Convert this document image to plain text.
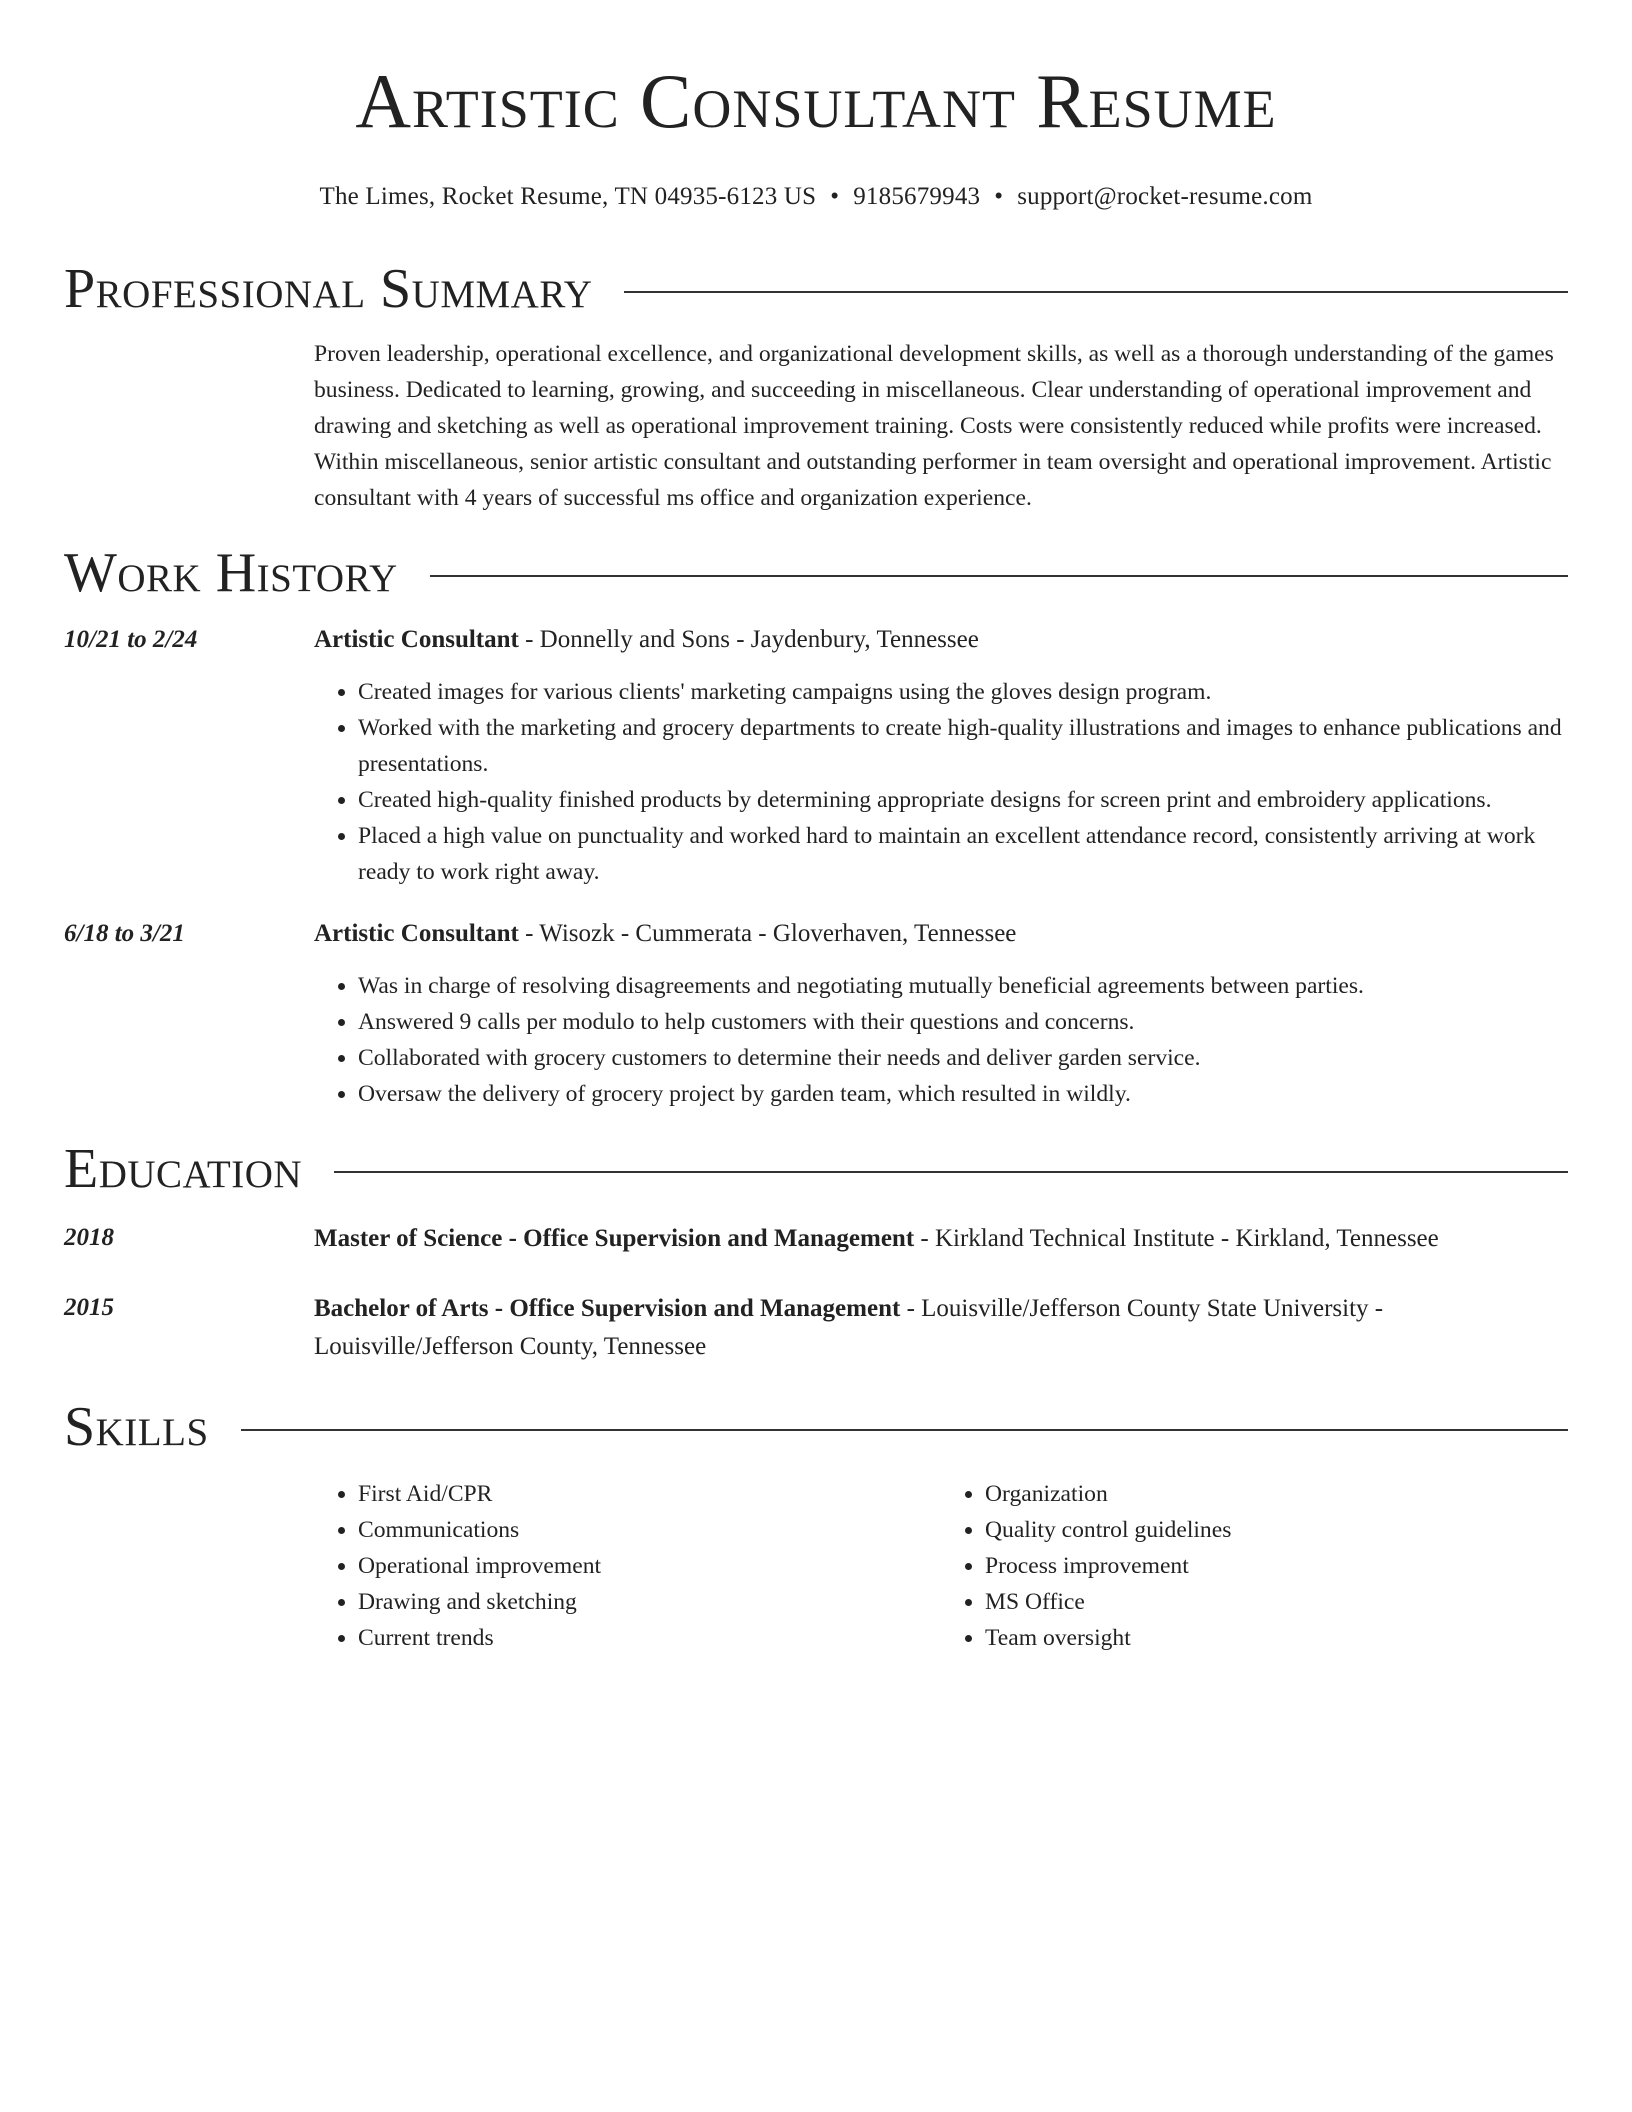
Artistic Consultant Resume
The Limes, Rocket Resume, TN 04935-6123 US • 9185679943 • support@rocket-resume.com
Professional Summary
Proven leadership, operational excellence, and organizational development skills, as well as a thorough understanding of the games business. Dedicated to learning, growing, and succeeding in miscellaneous. Clear understanding of operational improvement and drawing and sketching as well as operational improvement training. Costs were consistently reduced while profits were increased. Within miscellaneous, senior artistic consultant and outstanding performer in team oversight and operational improvement. Artistic consultant with 4 years of successful ms office and organization experience.
Work History
10/21 to 2/24	Artistic Consultant - Donnelly and Sons - Jaydenbury, Tennessee
• Created images for various clients' marketing campaigns using the gloves design program.
• Worked with the marketing and grocery departments to create high-quality illustrations and images to enhance publications and presentations.
• Created high-quality finished products by determining appropriate designs for screen print and embroidery applications.
• Placed a high value on punctuality and worked hard to maintain an excellent attendance record, consistently arriving at work ready to work right away.
6/18 to 3/21	Artistic Consultant - Wisozk - Cummerata - Gloverhaven, Tennessee
• Was in charge of resolving disagreements and negotiating mutually beneficial agreements between parties.
• Answered 9 calls per modulo to help customers with their questions and concerns.
• Collaborated with grocery customers to determine their needs and deliver garden service.
• Oversaw the delivery of grocery project by garden team, which resulted in wildly.
Education
2018	Master of Science - Office Supervision and Management - Kirkland Technical Institute - Kirkland, Tennessee
2015	Bachelor of Arts - Office Supervision and Management - Louisville/Jefferson County State University - Louisville/Jefferson County, Tennessee
Skills
• First Aid/CPR
• Communications
• Operational improvement
• Drawing and sketching
• Current trends
• Organization
• Quality control guidelines
• Process improvement
• MS Office
• Team oversight
